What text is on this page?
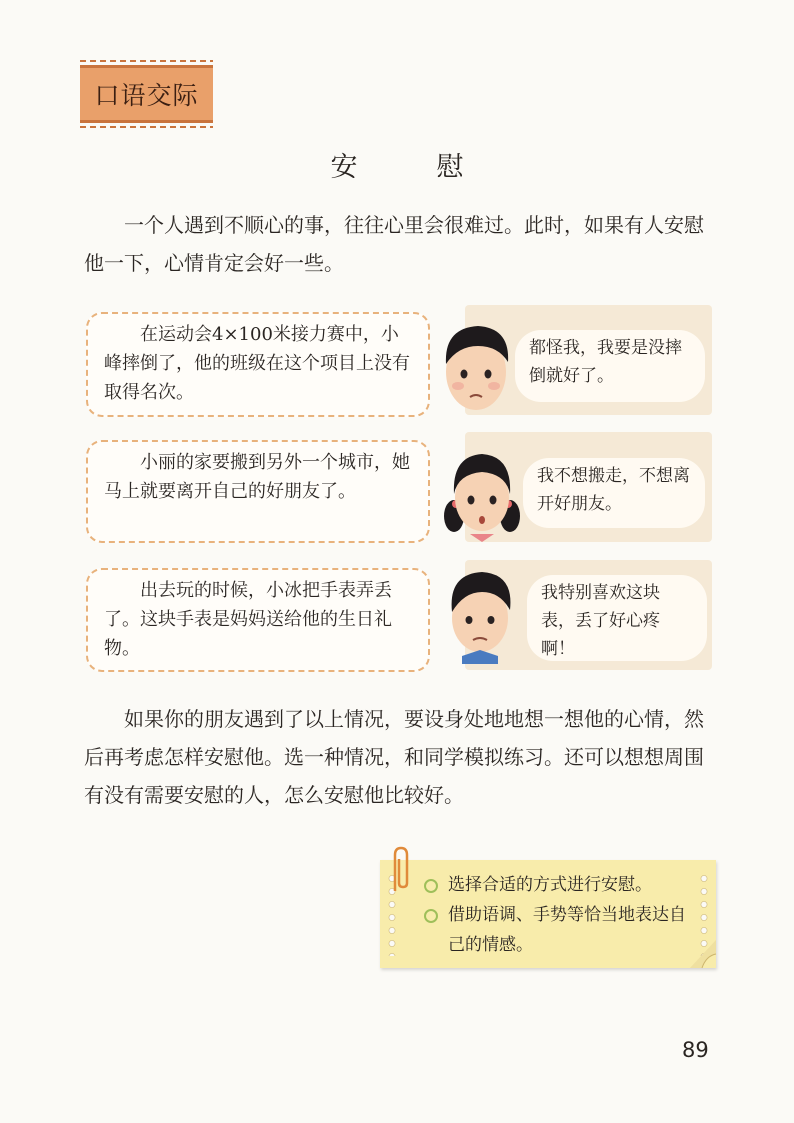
口语交际
安　慰

一个人遇到不顺心的事，往往心里会很难过。此时，如果有人安慰他一下，心情肯定会好一些。

在运动会4×100米接力赛中，小峰摔倒了，他的班级在这个项目上没有取得名次。
都怪我，我要是没摔倒就好了。
小丽的家要搬到另外一个城市，她马上就要离开自己的好朋友了。
我不想搬走，不想离开好朋友。
出去玩的时候，小冰把手表弄丢了。这块手表是妈妈送给他的生日礼物。
我特别喜欢这块表，丢了好心疼啊！

如果你的朋友遇到了以上情况，要设身处地地想一想他的心情，然后再考虑怎样安慰他。选一种情况，和同学模拟练习。还可以想想周围有没有需要安慰的人，怎么安慰他比较好。

选择合适的方式进行安慰。
借助语调、手势等恰当地表达自己的情感。
89
